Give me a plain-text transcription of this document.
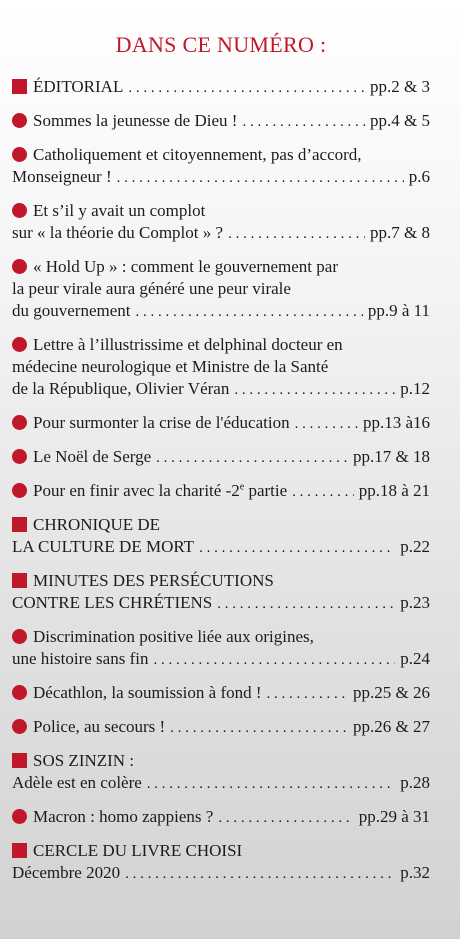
DANS CE NUMÉRO :
ÉDITORIAL . . .	pp.2 & 3
Sommes la jeunesse de Dieu ! . . .	pp.4 & 5
Catholiquement et citoyennement, pas d’accord,
Monseigneur ! . . .	p.6
Et s’il y avait un complot
sur « la théorie du Complot » ? . . .	pp.7 & 8
« Hold Up » : comment le gouvernement par
la peur virale aura généré une peur virale
du gouvernement . . .	pp.9 à 11
Lettre à l’illustrissime et delphinal docteur en
médecine neurologique et Ministre de la Santé
de la République, Olivier Véran . . .	p.12
Pour surmonter la crise de l'éducation . . .	pp.13 à16
Le Noël de Serge . . .	pp.17 & 18
Pour en finir avec la charité -2e partie . . .	pp.18 à 21
CHRONIQUE DE
LA CULTURE DE MORT . . .	p.22
MINUTES DES PERSÉCUTIONS
CONTRE LES CHRÉTIENS . . .	p.23
Discrimination positive liée aux origines,
une histoire sans fin . . .	p.24
Décathlon, la soumission à fond ! . . .	pp.25 & 26
Police, au secours ! . . .	pp.26 & 27
SOS ZINZIN :
Adèle est en colère . . .	p.28
Macron : homo zappiens ? . . .	pp.29 à 31
CERCLE DU LIVRE CHOISI
Décembre 2020 . . .	p.32
